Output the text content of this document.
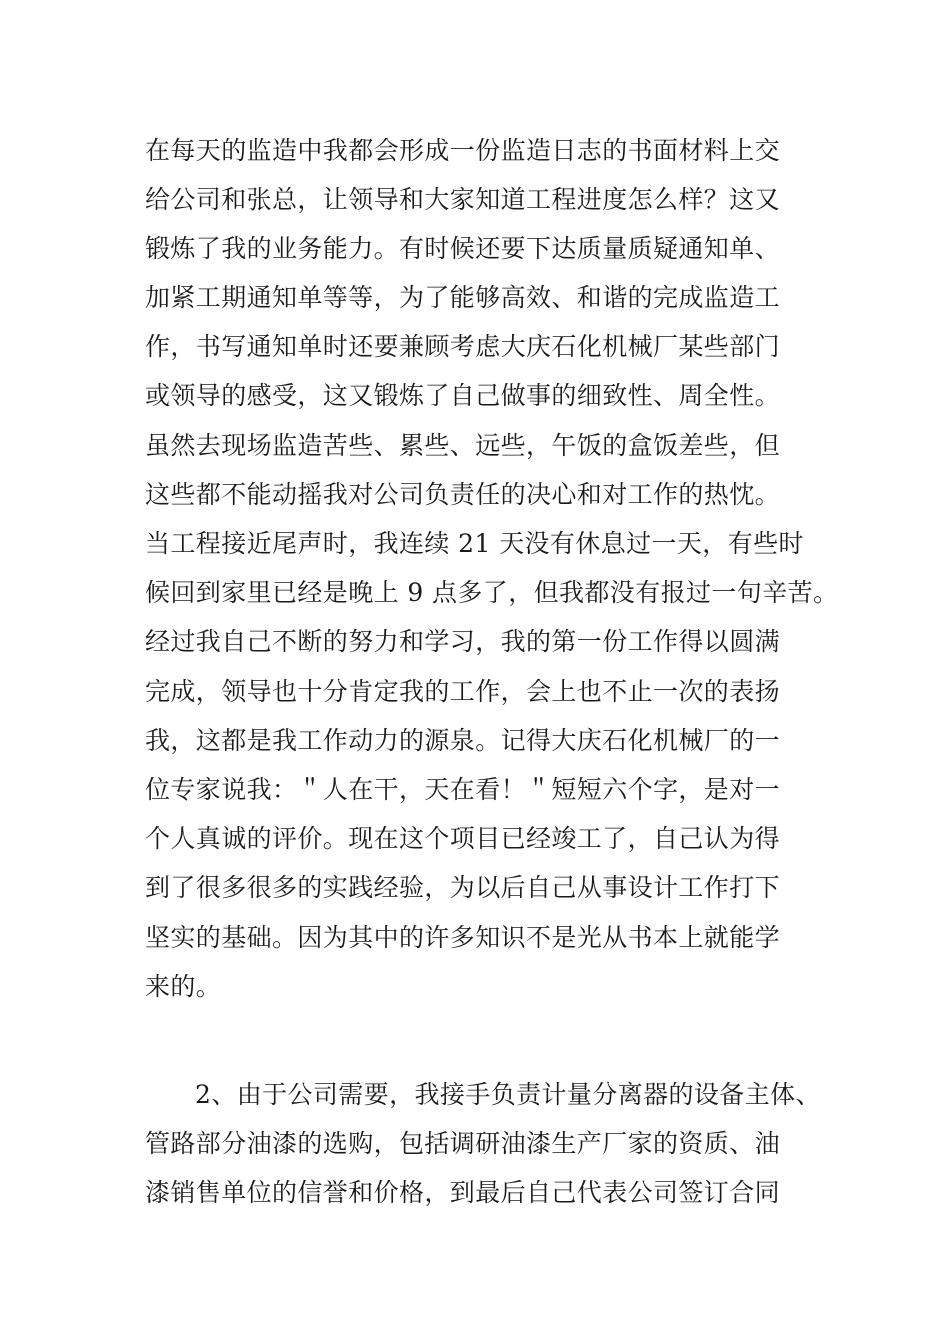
在每天的监造中我都会形成一份监造日志的书面材料上交

给公司和张总，让领导和大家知道工程进度怎么样？这又

锻炼了我的业务能力。有时候还要下达质量质疑通知单、

加紧工期通知单等等，为了能够高效、和谐的完成监造工

作，书写通知单时还要兼顾考虑大庆石化机械厂某些部门

或领导的感受，这又锻炼了自己做事的细致性、周全性。

虽然去现场监造苦些、累些、远些，午饭的盒饭差些，但

这些都不能动摇我对公司负责任的决心和对工作的热忱。

当工程接近尾声时，我连续 21 天没有休息过一天，有些时

候回到家里已经是晚上 9 点多了，但我都没有报过一句辛苦。

经过我自己不断的努力和学习，我的第一份工作得以圆满

完成，领导也十分肯定我的工作，会上也不止一次的表扬

我，这都是我工作动力的源泉。记得大庆石化机械厂的一

位专家说我：＂人在干，天在看！＂短短六个字，是对一

个人真诚的评价。现在这个项目已经竣工了，自己认为得

到了很多很多的实践经验，为以后自己从事设计工作打下

坚实的基础。因为其中的许多知识不是光从书本上就能学

来的。

2、由于公司需要，我接手负责计量分离器的设备主体、

管路部分油漆的选购，包括调研油漆生产厂家的资质、油

漆销售单位的信誉和价格，到最后自己代表公司签订合同
